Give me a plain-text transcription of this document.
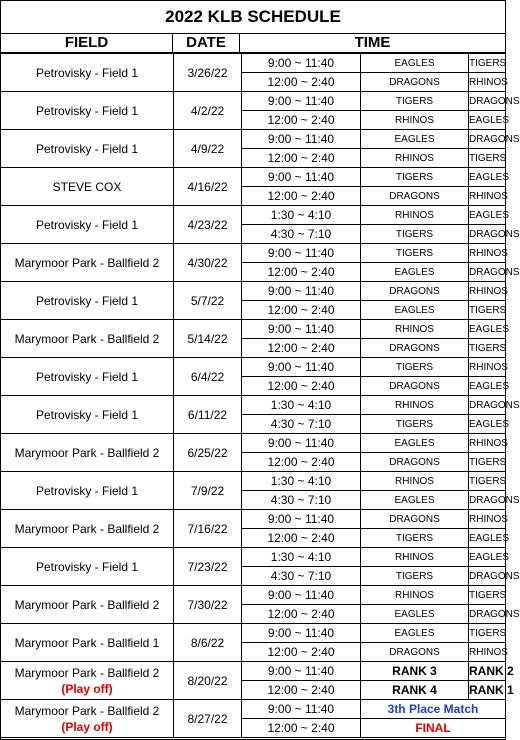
2022 KLB SCHEDULE
FIELD	DATE	TIME
Petrovisky - Field 1	3/26/22	9:00 ~ 11:40	EAGLES	TIGERS
		12:00 ~ 2:40	DRAGONS	RHINOS
Petrovisky - Field 1	4/2/22	9:00 ~ 11:40	TIGERS	DRAGONS
		12:00 ~ 2:40	RHINOS	EAGLES
Petrovisky - Field 1	4/9/22	9:00 ~ 11:40	EAGLES	DRAGONS
		12:00 ~ 2:40	RHINOS	TIGERS
STEVE COX	4/16/22	9:00 ~ 11:40	TIGERS	EAGLES
		12:00 ~ 2:40	DRAGONS	RHINOS
Petrovisky - Field 1	4/23/22	1:30 ~ 4:10	RHINOS	EAGLES
		4:30 ~ 7:10	TIGERS	DRAGONS
Marymoor Park - Ballfield 2	4/30/22	9:00 ~ 11:40	TIGERS	RHINOS
		12:00 ~ 2:40	EAGLES	DRAGONS
Petrovisky - Field 1	5/7/22	9:00 ~ 11:40	DRAGONS	RHINOS
		12:00 ~ 2:40	EAGLES	TIGERS
Marymoor Park - Ballfield 2	5/14/22	9:00 ~ 11:40	RHINOS	EAGLES
		12:00 ~ 2:40	DRAGONS	TIGERS
Petrovisky - Field 1	6/4/22	9:00 ~ 11:40	TIGERS	RHINOS
		12:00 ~ 2:40	DRAGONS	EAGLES
Petrovisky - Field 1	6/11/22	1:30 ~ 4:10	RHINOS	DRAGONS
		4:30 ~ 7:10	TIGERS	EAGLES
Marymoor Park - Ballfield 2	6/25/22	9:00 ~ 11:40	EAGLES	RHINOS
		12:00 ~ 2:40	DRAGONS	TIGERS
Petrovisky - Field 1	7/9/22	1:30 ~ 4:10	RHINOS	TIGERS
		4:30 ~ 7:10	EAGLES	DRAGONS
Marymoor Park - Ballfield 2	7/16/22	9:00 ~ 11:40	DRAGONS	RHINOS
		12:00 ~ 2:40	TIGERS	EAGLES
Petrovisky - Field 1	7/23/22	1:30 ~ 4:10	RHINOS	EAGLES
		4:30 ~ 7:10	TIGERS	DRAGONS
Marymoor Park - Ballfield 2	7/30/22	9:00 ~ 11:40	RHINOS	TIGERS
		12:00 ~ 2:40	EAGLES	DRAGONS
Marymoor Park - Ballfield 1	8/6/22	9:00 ~ 11:40	EAGLES	TIGERS
		12:00 ~ 2:40	DRAGONS	RHINOS
Marymoor Park - Ballfield 2
(Play off)	8/20/22	9:00 ~ 11:40	RANK 3	RANK 2
		12:00 ~ 2:40	RANK 4	RANK 1
Marymoor Park - Ballfield 2
(Play off)	8/27/22	9:00 ~ 11:40	3th Place Match	
		12:00 ~ 2:40	FINAL	
